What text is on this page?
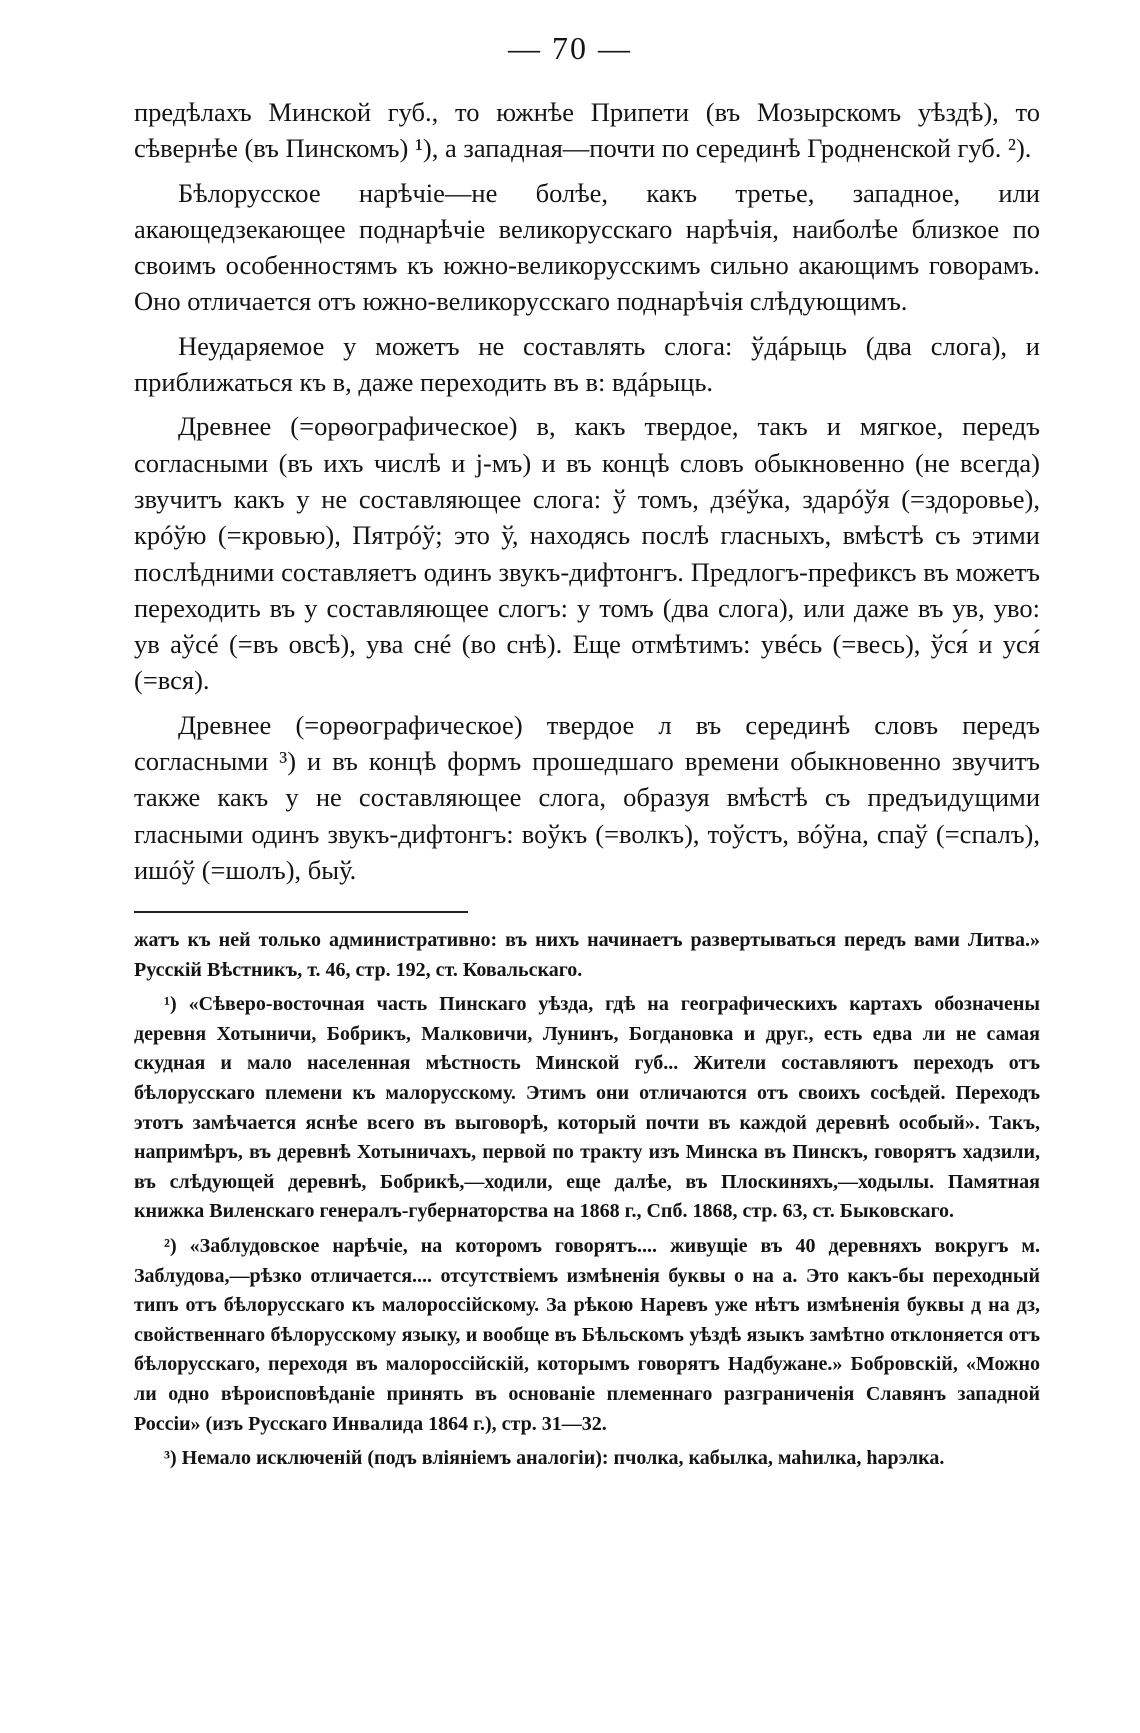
— 70 —

предѣлахъ Минской губ., то южнѣе Припети (въ Мозырскомъ уѣздѣ), то сѣвернѣе (въ Пинскомъ) ¹), а западная—почти по серединѣ Гродненской губ. ²).

Бѣлорусское нарѣчіе—не болѣе, какъ третье, западное, или акающедзекающее поднарѣчіе великорусскаго нарѣчія, наиболѣе близкое по своимъ особенностямъ къ южно-великорусскимъ сильно акающимъ говорамъ. Оно отличается отъ южно-великорусскаго поднарѣчія слѣдующимъ.

Неударяемое у можетъ не составлять слога: ўдáрыць (два слога), и приближаться къ в, даже переходить въ в: вдáрыць.

Древнее (=орѳографическое) в, какъ твердое, такъ и мягкое, передъ согласными (въ ихъ числѣ и j-мъ) и въ концѣ словъ обыкновенно (не всегда) звучитъ какъ у не составляющее слога: ў томъ, дзéўка, здарóўя (=здоровье), крóўю (=кровью), Пятрóў; это ў, находясь послѣ гласныхъ, вмѣстѣ съ этими послѣдними составляетъ одинъ звукъ-дифтонгъ. Предлогъ-префиксъ въ можетъ переходить въ у составляющее слогъ: у томъ (два слога), или даже въ ув, уво: ув аўсé (=въ овсѣ), ува снé (во снѣ). Еще отмѣтимъ: увéсь (=весь), ўся́ и уся́ (=вся).

Древнее (=орѳографическое) твердое л въ серединѣ словъ передъ согласными ³) и въ концѣ формъ прошедшаго времени обыкновенно звучитъ также какъ у не составляющее слога, образуя вмѣстѣ съ предъидущими гласными одинъ звукъ-дифтонгъ: воўкъ (=волкъ), тоўстъ, вóўна, спаў (=спалъ), ишóў (=шолъ), быў.

жатъ къ ней только административно: въ нихъ начинаетъ развертываться передъ вами Литва.» Русскій Вѣстникъ, т. 46, стр. 192, ст. Ковальскаго.

¹) «Сѣверо-восточная часть Пинскаго уѣзда, гдѣ на географическихъ картахъ обозначены деревня Хотыничи, Бобрикъ, Малковичи, Лунинъ, Богдановка и друг., есть едва ли не самая скудная и мало населенная мѣстность Минской губ... Жители составляютъ переходъ отъ бѣлорусскаго племени къ малорусскому. Этимъ они отличаются отъ своихъ сосѣдей. Переходъ этотъ замѣчается яснѣе всего въ выговорѣ, который почти въ каждой деревнѣ особый». Такъ, напримѣръ, въ деревнѣ Хотыничахъ, первой по тракту изъ Минска въ Пинскъ, говорятъ хадзили, въ слѣдующей деревнѣ, Бобрикѣ,—ходили, еще далѣе, въ Плоскиняхъ,—ходылы. Памятная книжка Виленскаго генералъ-губернаторства на 1868 г., Спб. 1868, стр. 63, ст. Быковскаго.

²) «Заблудовское нарѣчіе, на которомъ говорятъ.... живущіе въ 40 деревняхъ вокругъ м. Заблудова,—рѣзко отличается.... отсутствіемъ измѣненія буквы о на а. Это какъ-бы переходный типъ отъ бѣлорусскаго къ малороссійскому. За рѣкою Наревъ уже нѣтъ измѣненія буквы д на дз, свойственнаго бѣлорусскому языку, и вообще въ Бѣльскомъ уѣздѣ языкъ замѣтно отклоняется отъ бѣлорусскаго, переходя въ малороссійскій, которымъ говорятъ Надбужане.» Бобровскій, «Можно ли одно вѣроисповѣданіе принять въ основаніе племеннаго разграниченія Славянъ западной Россіи» (изъ Русскаго Инвалида 1864 г.), стр. 31—32.

³) Немало исключеній (подъ вліяніемъ аналогіи): пчолка, кабылка, маһилка, һарэлка.
